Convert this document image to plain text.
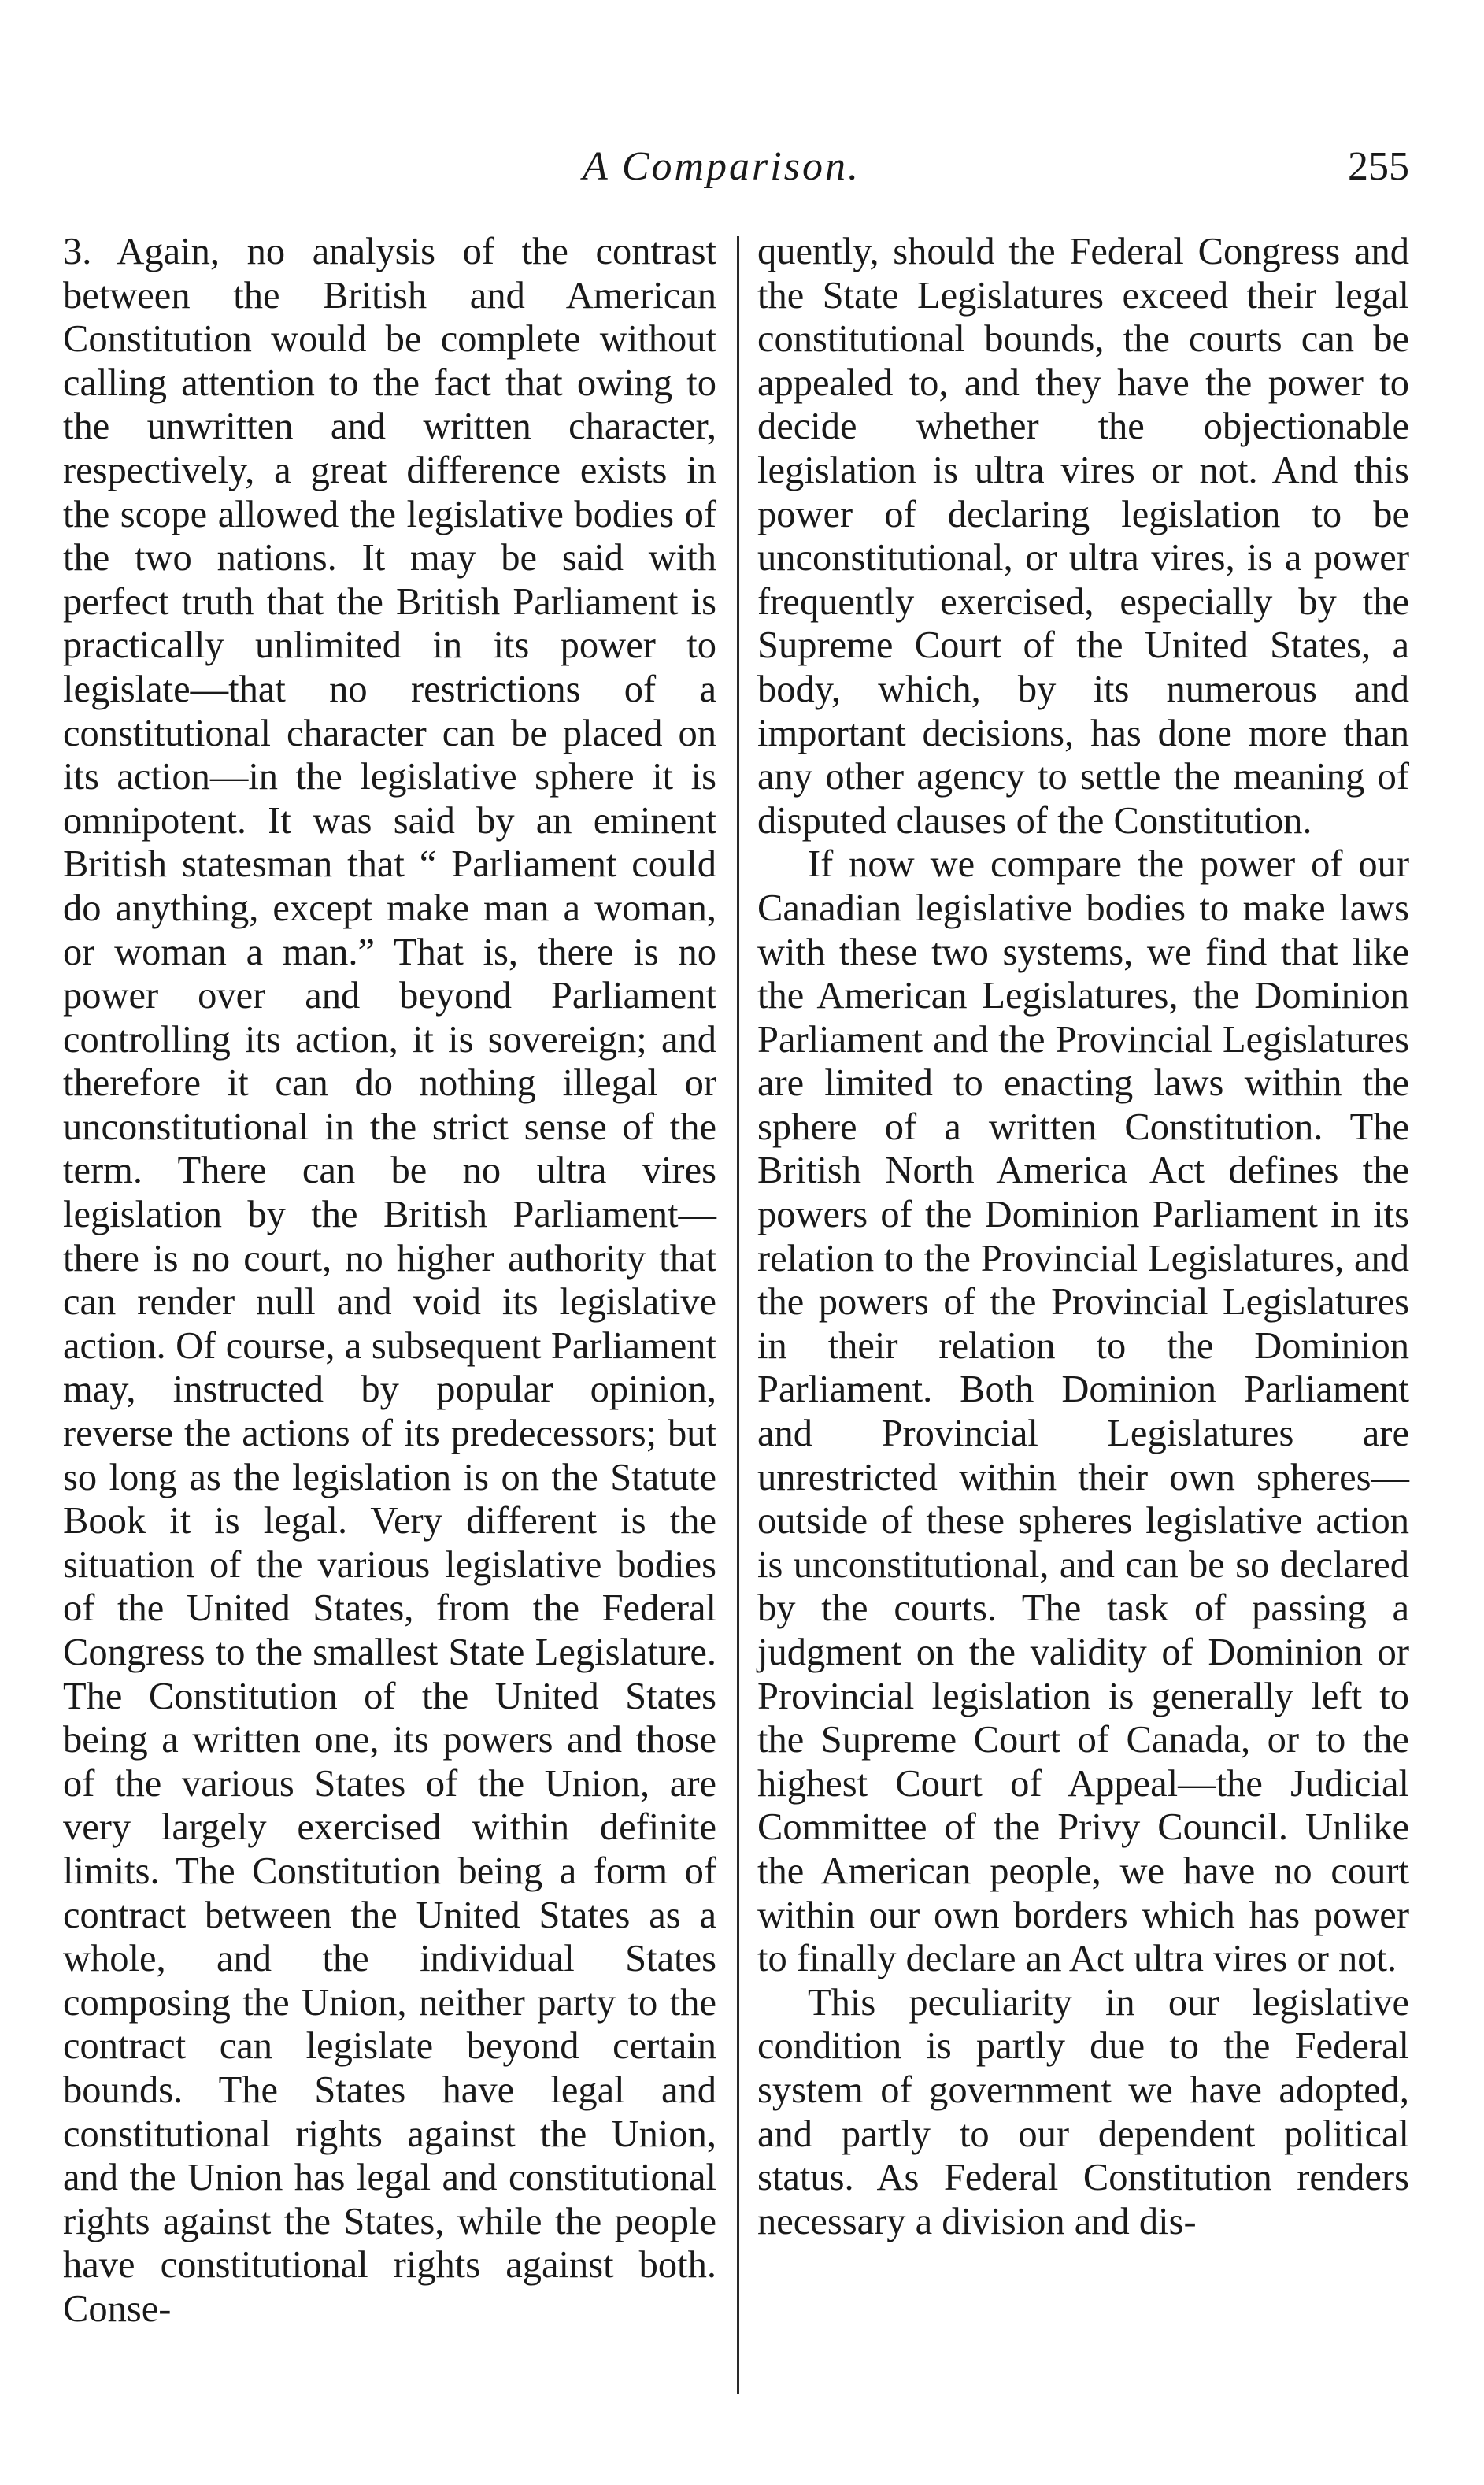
A Comparison.	255

3. Again, no analysis of the contrast between the British and American Constitution would be complete without calling attention to the fact that owing to the unwritten and written character, respectively, a great difference exists in the scope allowed the legislative bodies of the two nations. It may be said with perfect truth that the British Parliament is practically unlimited in its power to legislate—that no restrictions of a constitutional character can be placed on its action—in the legislative sphere it is omnipotent. It was said by an eminent British statesman that “ Parliament could do anything, except make man a woman, or woman a man.” That is, there is no power over and beyond Parliament controlling its action, it is sovereign; and therefore it can do nothing illegal or unconstitutional in the strict sense of the term. There can be no ultra vires legislation by the British Parliament—there is no court, no higher authority that can render null and void its legislative action. Of course, a subsequent Parliament may, instructed by popular opinion, reverse the actions of its predecessors; but so long as the legislation is on the Statute Book it is legal. Very different is the situation of the various legislative bodies of the United States, from the Federal Congress to the smallest State Legislature. The Constitution of the United States being a written one, its powers and those of the various States of the Union, are very largely exercised within definite limits. The Constitution being a form of contract between the United States as a whole, and the individual States composing the Union, neither party to the contract can legislate beyond certain bounds. The States have legal and constitutional rights against the Union, and the Union has legal and constitutional rights against the States, while the people have constitutional rights against both. Conse-

quently, should the Federal Congress and the State Legislatures exceed their legal constitutional bounds, the courts can be appealed to, and they have the power to decide whether the objectionable legislation is ultra vires or not. And this power of declaring legislation to be unconstitutional, or ultra vires, is a power frequently exercised, especially by the Supreme Court of the United States, a body, which, by its numerous and important decisions, has done more than any other agency to settle the meaning of disputed clauses of the Constitution.

If now we compare the power of our Canadian legislative bodies to make laws with these two systems, we find that like the American Legislatures, the Dominion Parliament and the Provincial Legislatures are limited to enacting laws within the sphere of a written Constitution. The British North America Act defines the powers of the Dominion Parliament in its relation to the Provincial Legislatures, and the powers of the Provincial Legislatures in their relation to the Dominion Parliament. Both Dominion Parliament and Provincial Legislatures are unrestricted within their own spheres—outside of these spheres legislative action is unconstitutional, and can be so declared by the courts. The task of passing a judgment on the validity of Dominion or Provincial legislation is generally left to the Supreme Court of Canada, or to the highest Court of Appeal—the Judicial Committee of the Privy Council. Unlike the American people, we have no court within our own borders which has power to finally declare an Act ultra vires or not.

This peculiarity in our legislative condition is partly due to the Federal system of government we have adopted, and partly to our dependent political status. As Federal Constitution renders necessary a division and dis-
